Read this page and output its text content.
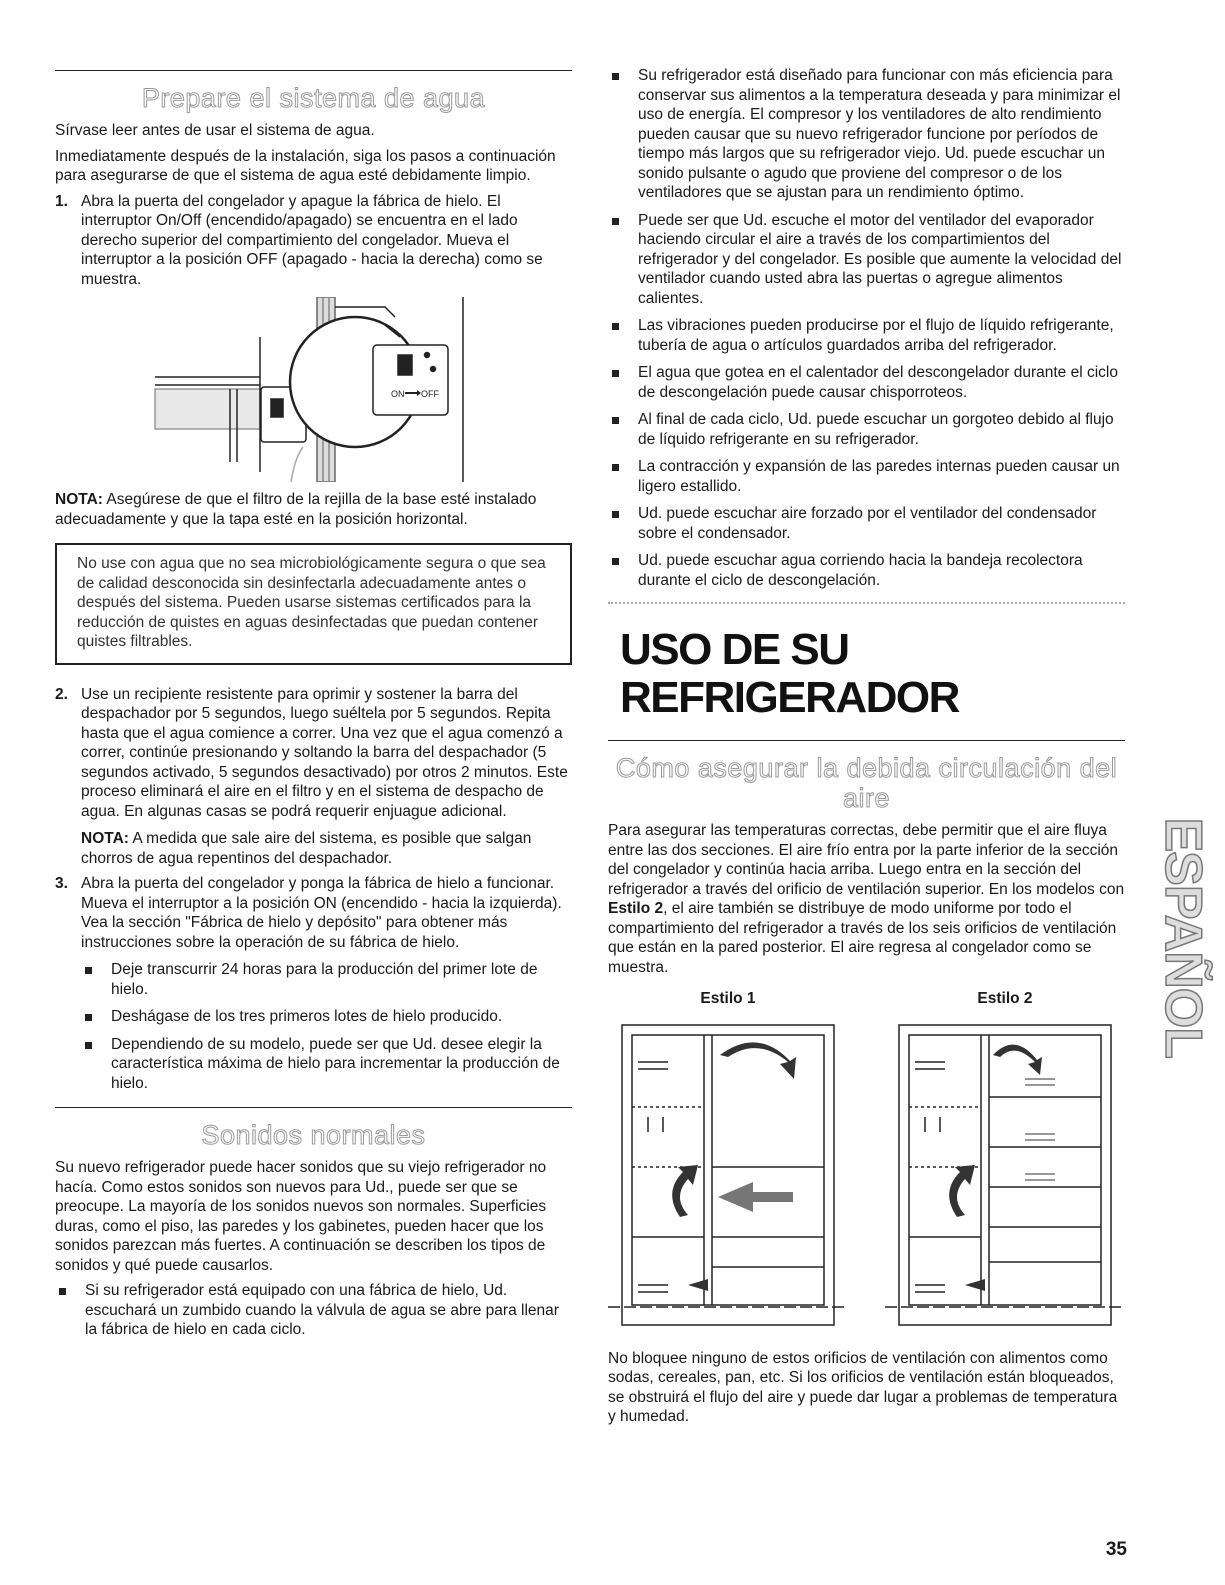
Prepare el sistema de agua

Sírvase leer antes de usar el sistema de agua.

Inmediatamente después de la instalación, siga los pasos a continuación para asegurarse de que el sistema de agua esté debidamente limpio.

1. Abra la puerta del congelador y apague la fábrica de hielo. El interruptor On/Off (encendido/apagado) se encuentra en el lado derecho superior del compartimiento del congelador. Mueva el interruptor a la posición OFF (apagado - hacia la derecha) como se muestra.
ON OFF

NOTA: Asegúrese de que el filtro de la rejilla de la base esté instalado adecuadamente y que la tapa esté en la posición horizontal.

No use con agua que no sea microbiológicamente segura o que sea de calidad desconocida sin desinfectarla adecuadamente antes o después del sistema. Pueden usarse sistemas certificados para la reducción de quistes en aguas desinfectadas que puedan contener quistes filtrables.
2. Use un recipiente resistente para oprimir y sostener la barra del despachador por 5 segundos, luego suéltela por 5 segundos. Repita hasta que el agua comience a correr. Una vez que el agua comenzó a correr, continúe presionando y soltando la barra del despachador (5 segundos activado, 5 segundos desactivado) por otros 2 minutos. Este proceso eliminará el aire en el filtro y en el sistema de despacho de agua. En algunas casas se podrá requerir enjuague adicional.

NOTA: A medida que sale aire del sistema, es posible que salgan chorros de agua repentinos del despachador.

3. Abra la puerta del congelador y ponga la fábrica de hielo a funcionar. Mueva el interruptor a la posición ON (encendido - hacia la izquierda). Vea la sección "Fábrica de hielo y depósito" para obtener más instrucciones sobre la operación de su fábrica de hielo.
Deje transcurrir 24 horas para la producción del primer lote de hielo.
Deshágase de los tres primeros lotes de hielo producido.
Dependiendo de su modelo, puede ser que Ud. desee elegir la característica máxima de hielo para incrementar la producción de hielo.
Sonidos normales

Su nuevo refrigerador puede hacer sonidos que su viejo refrigerador no hacía. Como estos sonidos son nuevos para Ud., puede ser que se preocupe. La mayoría de los sonidos nuevos son normales. Superficies duras, como el piso, las paredes y los gabinetes, pueden hacer que los sonidos parezcan más fuertes. A continuación se describen los tipos de sonidos y qué puede causarlos.

Si su refrigerador está equipado con una fábrica de hielo, Ud. escuchará un zumbido cuando la válvula de agua se abre para llenar la fábrica de hielo en cada ciclo.
Su refrigerador está diseñado para funcionar con más eficiencia para conservar sus alimentos a la temperatura deseada y para minimizar el uso de energía. El compresor y los ventiladores de alto rendimiento pueden causar que su nuevo refrigerador funcione por períodos de tiempo más largos que su refrigerador viejo. Ud. puede escuchar un sonido pulsante o agudo que proviene del compresor o de los ventiladores que se ajustan para un rendimiento óptimo.
Puede ser que Ud. escuche el motor del ventilador del evaporador haciendo circular el aire a través de los compartimientos del refrigerador y del congelador. Es posible que aumente la velocidad del ventilador cuando usted abra las puertas o agregue alimentos calientes.
Las vibraciones pueden producirse por el flujo de líquido refrigerante, tubería de agua o artículos guardados arriba del refrigerador.
El agua que gotea en el calentador del descongelador durante el ciclo de descongelación puede causar chisporroteos.
Al final de cada ciclo, Ud. puede escuchar un gorgoteo debido al flujo de líquido refrigerante en su refrigerador.
La contracción y expansión de las paredes internas pueden causar un ligero estallido.
Ud. puede escuchar aire forzado por el ventilador del condensador sobre el condensador.
Ud. puede escuchar agua corriendo hacia la bandeja recolectora durante el ciclo de descongelación.
USO DE SU REFRIGERADOR
Cómo asegurar la debida circulación del aire

Para asegurar las temperaturas correctas, debe permitir que el aire fluya entre las dos secciones. El aire frío entra por la parte inferior de la sección del congelador y continúa hacia arriba. Luego entra en la sección del refrigerador a través del orificio de ventilación superior. En los modelos con Estilo 2, el aire también se distribuye de modo uniforme por todo el compartimiento del refrigerador a través de los seis orificios de ventilación que están en la pared posterior. El aire regresa al congelador como se muestra.

Estilo 1	Estilo 2

No bloquee ninguno de estos orificios de ventilación con alimentos como sodas, cereales, pan, etc. Si los orificios de ventilación están bloqueados, se obstruirá el flujo del aire y puede dar lugar a problemas de temperatura y humedad.

ESPAÑOL
35
